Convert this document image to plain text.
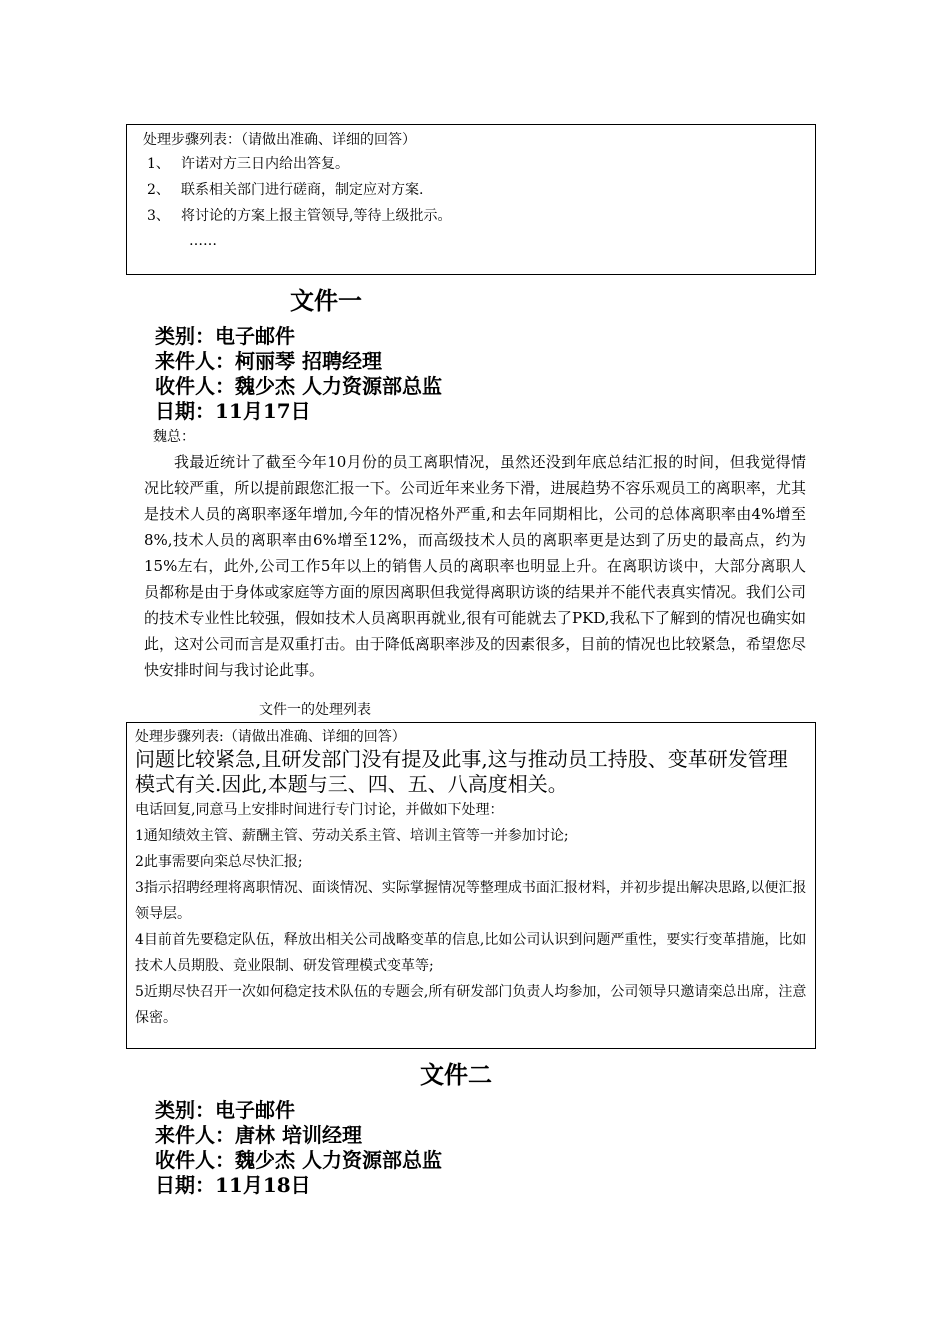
处理步骤列表：（请做出准确、详细的回答）
1、 许诺对方三日内给出答复。
2、 联系相关部门进行磋商，制定应对方案.
3、 将讨论的方案上报主管领导,等待上级批示。
……
文件一
类别：电子邮件
来件人：柯丽琴 招聘经理
收件人：魏少杰 人力资源部总监
日期：11月17日
魏总：
我最近统计了截至今年10月份的员工离职情况，虽然还没到年底总结汇报的时间，但我觉得情况比较严重，所以提前跟您汇报一下。公司近年来业务下滑，进展趋势不容乐观员工的离职率，尤其是技术人员的离职率逐年增加,今年的情况格外严重,和去年同期相比，公司的总体离职率由4%增至8%,技术人员的离职率由6%增至12%，而高级技术人员的离职率更是达到了历史的最高点，约为15%左右，此外,公司工作5年以上的销售人员的离职率也明显上升。在离职访谈中，大部分离职人员都称是由于身体或家庭等方面的原因离职但我觉得离职访谈的结果并不能代表真实情况。我们公司的技术专业性比较强，假如技术人员离职再就业,很有可能就去了PKD,我私下了解到的情况也确实如此，这对公司而言是双重打击。由于降低离职率涉及的因素很多，目前的情况也比较紧急，希望您尽快安排时间与我讨论此事。
文件一的处理列表
处理步骤列表:（请做出准确、详细的回答）
问题比较紧急,且研发部门没有提及此事,这与推动员工持股、变革研发管理模式有关.因此,本题与三、四、五、八高度相关。
电话回复,同意马上安排时间进行专门讨论，并做如下处理：
1通知绩效主管、薪酬主管、劳动关系主管、培训主管等一并参加讨论;
2此事需要向栾总尽快汇报;
3指示招聘经理将离职情况、面谈情况、实际掌握情况等整理成书面汇报材料，并初步提出解决思路,以便汇报领导层。
4目前首先要稳定队伍，释放出相关公司战略变革的信息,比如公司认识到问题严重性，要实行变革措施，比如技术人员期股、竞业限制、研发管理模式变革等;
5近期尽快召开一次如何稳定技术队伍的专题会,所有研发部门负责人均参加，公司领导只邀请栾总出席，注意保密。
文件二
类别：电子邮件
来件人：唐林 培训经理
收件人：魏少杰 人力资源部总监
日期：11月18日
